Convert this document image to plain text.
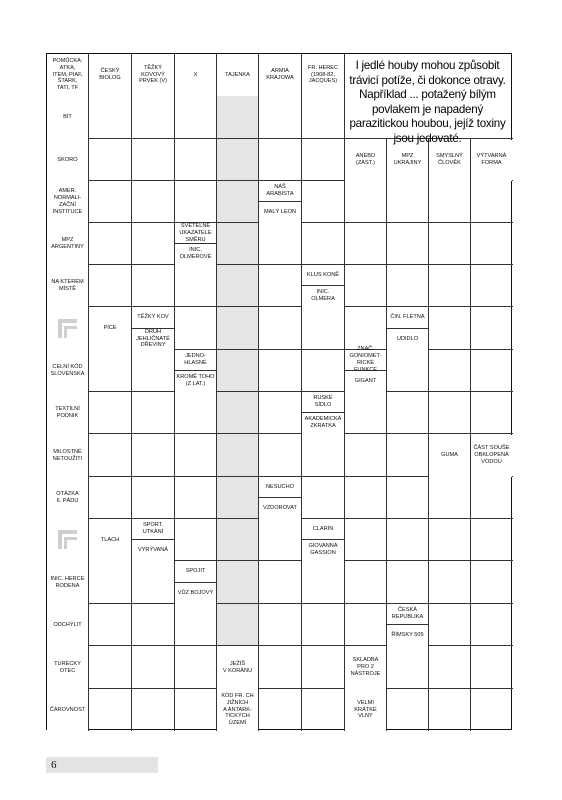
POMŮCKA:
ATKA,
ITEM, PIAF,
ŠTARK,
TATI, TF
ČESKÝ
BIOLOG
TĚŽKÝ
KOVOVÝ
PRVEK (V)
X	TAJENKA
ARMIA
KRAJOWA
FR. HEREC
(1908-82,
JACQUES)
BÍT
SKORO
AMER.
NORMALI-
ZAČNÍ
INSTITUCE
MPZ
ARGENTINY
NA KTERÉM
MÍSTĚ
CELNÍ KÓD
SLOVENSKA
TEXTILNÍ
PODNIK
MILOSTNÉ
NETOUŽITI
OTÁZKA
6. PÁDU
INIC. HERCE
RODENA
ODCHÝLIT
TURECKY
OTEC
ČAROVNOST
ANEBO
(ZAST.)
MPZ
UKRAJINY
SMYSLNÝ
ČLOVĚK
VÝTVARNÁ
FORMA
NÁŠ
ARABISTA
MALÝ LEON
SVĚTELNÉ
UKAZATELE
SMĚRU
INIC.
OLMEROVÉ
KLUS KONĚ
INIC.
OLMERA
PÍCE
TĚŽKÝ KOV
DRUH
JEHLIČNATÉ
DŘEVINY
ČIN. FLÉTNA
UDIDLO
JEDNO-
HLASNÉ
KROMĚ TOHO
(Z LAT.)
ZNAČ.
GONIOMET-
RICKÉ
GIGANT
RUSKÉ
SÍDLO
AKADEMICKÁ
ZKRATKA
GUMA
ČÁST SOUŠE
OBKLOPENÁ
VODOU
NESUCHO
VZDOROVAT
TLACH
SPORT.
UTKÁNÍ
VYRÝVANÁ
CLARÍN
GIOVANNA
GASSION
SPOJIT
VŮZ BOJOVÝ
ČESKÁ
REPUBLIKA
ŘÍMSKY 505
JEŽÍŠ
V KORÁNU
SKLADBA
PRO 2
NÁSTROJE
KÓD FR. CH
JIŽNÍCH
A ANTARK-
TICKÝCH
ÚZEMÍ
VELMI
KRÁTKÉ
VLNY
I jedlé houby mohou způsobit trávicí potíže, či dokonce otravy. Například ... potažený bílým povlakem je napadený parazitickou houbou, jejíž toxiny jsou jedovaté.
6
